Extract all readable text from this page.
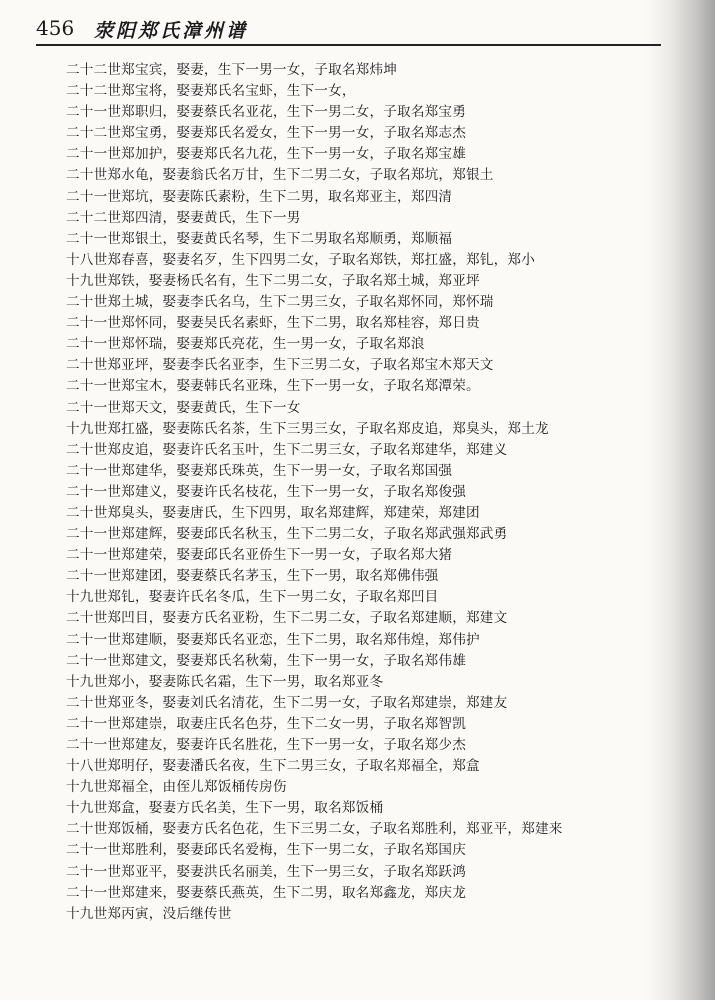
456 荥阳郑氏漳州谱
二十二世郑宝宾，娶妻，生下一男一女，子取名郑炜坤
二十二世郑宝将，娶妻郑氏名宝虾，生下一女，
二十一世郑职归，娶妻蔡氏名亚花，生下一男二女，子取名郑宝勇
二十二世郑宝勇，娶妻郑氏名爱女，生下一男一女，子取名郑志杰
二十一世郑加护，娶妻郑氏名九花，生下一男一女，子取名郑宝雄
二十世郑水龟，娶妻翁氏名万甘，生下二男二女，子取名郑坑，郑银土
二十一世郑坑，娶妻陈氏素粉，生下二男，取名郑亚主，郑四清
二十二世郑四清，娶妻黄氏，生下一男
二十一世郑银土，娶妻黄氏名琴，生下二男取名郑顺勇，郑顺福
十八世郑春喜，娶妻名歹，生下四男二女，子取名郑铁，郑扛盛，郑钆，郑小
十九世郑铁，娶妻杨氏名有，生下二男二女，子取名郑土城，郑亚坪
二十世郑土城，娶妻李氏名乌，生下二男三女，子取名郑怀同，郑怀瑞
二十一世郑怀同，娶妻吴氏名素虾，生下二男，取名郑桂容，郑日贵
二十一世郑怀瑞，娶妻郑氏亮花，生一男一女，子取名郑浪
二十世郑亚坪，娶妻李氏名亚李，生下三男二女，子取名郑宝木郑天文
二十一世郑宝木，娶妻韩氏名亚珠，生下一男一女，子取名郑潭荣。
二十一世郑天文，娶妻黄氏，生下一女
十九世郑扛盛，娶妻陈氏名茶，生下三男三女，子取名郑皮追，郑臭头，郑土龙
二十世郑皮追，娶妻许氏名玉叶，生下二男三女，子取名郑建华，郑建义
二十一世郑建华，娶妻郑氏珠英，生下一男一女，子取名郑国强
二十一世郑建义，娶妻许氏名枝花，生下一男一女，子取名郑俊强
二十世郑臭头，娶妻唐氏，生下四男，取名郑建辉，郑建荣，郑建团
二十一世郑建辉，娶妻邱氏名秋玉，生下二男二女，子取名郑武强郑武勇
二十一世郑建荣，娶妻邱氏名亚侨生下一男一女，子取名郑大猪
二十一世郑建团，娶妻蔡氏名茅玉，生下一男，取名郑佛伟强
十九世郑钆，娶妻许氏名冬瓜，生下一男二女，子取名郑凹目
二十世郑凹目，娶妻方氏名亚粉，生下二男二女，子取名郑建顺，郑建文
二十一世郑建顺，娶妻郑氏名亚恋，生下二男，取名郑伟煌，郑伟护
二十一世郑建文，娶妻郑氏名秋菊，生下一男一女，子取名郑伟雄
十九世郑小，娶妻陈氏名霜，生下一男，取名郑亚冬
二十世郑亚冬，娶妻刘氏名清花，生下二男一女，子取名郑建崇，郑建友
二十一世郑建崇，取妻庄氏名色芬，生下二女一男，子取名郑智凯
二十一世郑建友，娶妻许氏名胜花，生下一男一女，子取名郑少杰
十八世郑明仔，娶妻潘氏名夜，生下二男三女，子取名郑福全，郑盒
十九世郑福全，由侄儿郑饭桶传房伤
十九世郑盒，娶妻方氏名美，生下一男，取名郑饭桶
二十世郑饭桶，娶妻方氏名色花，生下三男二女，子取名郑胜利，郑亚平，郑建来
二十一世郑胜利，娶妻邱氏名爱梅，生下一男二女，子取名郑国庆
二十一世郑亚平，娶妻洪氏名丽美，生下一男三女，子取名郑跃鸿
二十一世郑建来，娶妻蔡氏燕英，生下二男，取名郑鑫龙，郑庆龙
十九世郑丙寅，没后继传世
